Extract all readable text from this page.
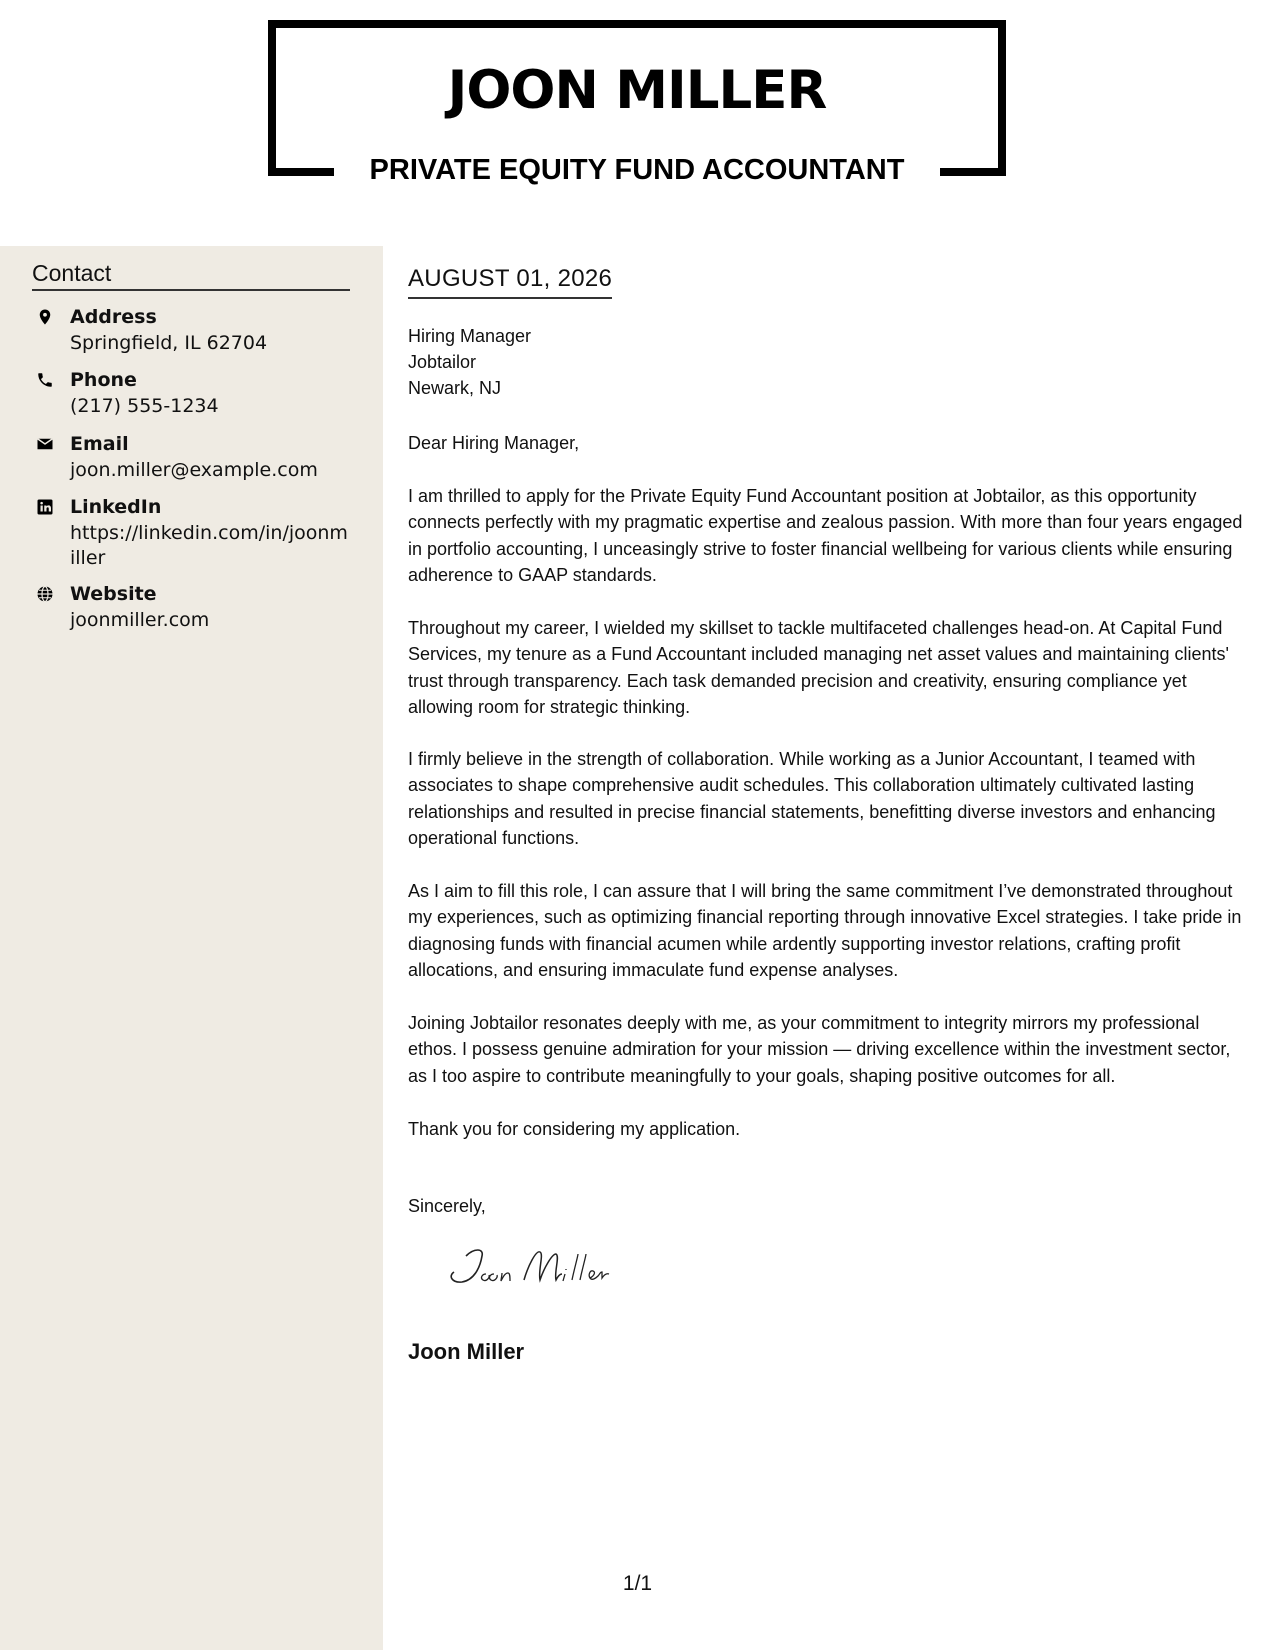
JOON MILLER
PRIVATE EQUITY FUND ACCOUNTANT
Contact
Address
Springfield, IL 62704
Phone
(217) 555-1234
Email
joon.miller@example.com
LinkedIn
https://linkedin.com/in/joonmiller
Website
joonmiller.com
AUGUST 01, 2026
Hiring Manager
Jobtailor
Newark, NJ
Dear Hiring Manager,
I am thrilled to apply for the Private Equity Fund Accountant position at Jobtailor, as this opportunity connects perfectly with my pragmatic expertise and zealous passion. With more than four years engaged in portfolio accounting, I unceasingly strive to foster financial wellbeing for various clients while ensuring adherence to GAAP standards.
Throughout my career, I wielded my skillset to tackle multifaceted challenges head-on. At Capital Fund Services, my tenure as a Fund Accountant included managing net asset values and maintaining clients' trust through transparency. Each task demanded precision and creativity, ensuring compliance yet allowing room for strategic thinking.
I firmly believe in the strength of collaboration. While working as a Junior Accountant, I teamed with associates to shape comprehensive audit schedules. This collaboration ultimately cultivated lasting relationships and resulted in precise financial statements, benefitting diverse investors and enhancing operational functions.
As I aim to fill this role, I can assure that I will bring the same commitment I’ve demonstrated throughout my experiences, such as optimizing financial reporting through innovative Excel strategies. I take pride in diagnosing funds with financial acumen while ardently supporting investor relations, crafting profit allocations, and ensuring immaculate fund expense analyses.
Joining Jobtailor resonates deeply with me, as your commitment to integrity mirrors my professional ethos. I possess genuine admiration for your mission — driving excellence within the investment sector, as I too aspire to contribute meaningfully to your goals, shaping positive outcomes for all.
Thank you for considering my application.
Sincerely,
Joon Miller
1/1
